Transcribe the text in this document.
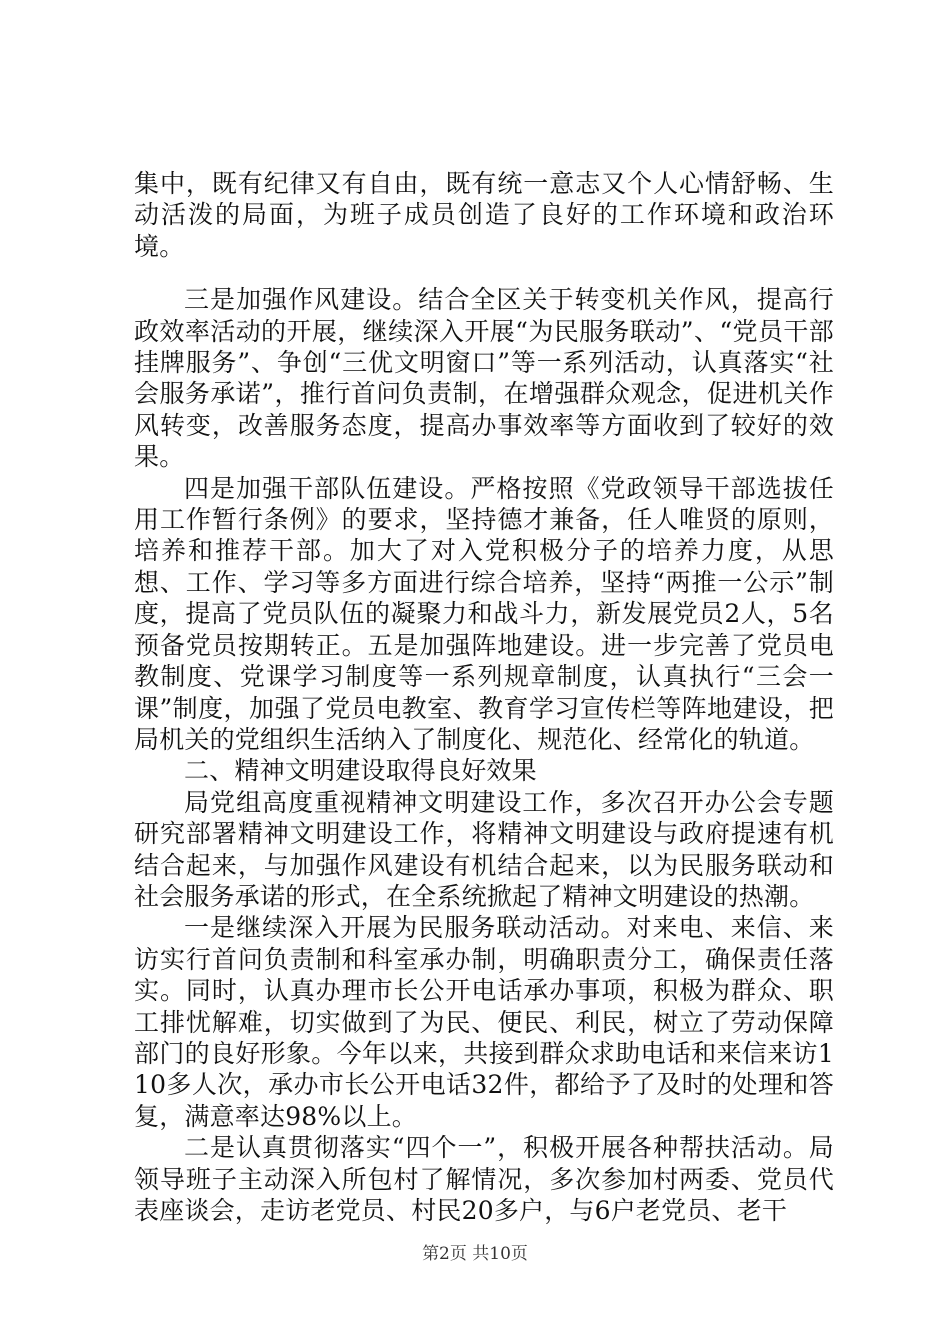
集中，既有纪律又有自由，既有统一意志又个人心情舒畅、生动活泼的局面，为班子成员创造了良好的工作环境和政治环境。

三是加强作风建设。结合全区关于转变机关作风，提高行政效率活动的开展，继续深入开展“为民服务联动”、“党员干部挂牌服务”、争创“三优文明窗口”等一系列活动，认真落实“社会服务承诺”，推行首问负责制，在增强群众观念，促进机关作风转变，改善服务态度，提高办事效率等方面收到了较好的效果。

四是加强干部队伍建设。严格按照《党政领导干部选拔任用工作暂行条例》的要求，坚持德才兼备，任人唯贤的原则，培养和推荐干部。加大了对入党积极分子的培养力度，从思想、工作、学习等多方面进行综合培养，坚持“两推一公示”制度，提高了党员队伍的凝聚力和战斗力，新发展党员2人，5名预备党员按期转正。五是加强阵地建设。进一步完善了党员电教制度、党课学习制度等一系列规章制度，认真执行“三会一课”制度，加强了党员电教室、教育学习宣传栏等阵地建设，把局机关的党组织生活纳入了制度化、规范化、经常化的轨道。

二、精神文明建设取得良好效果

局党组高度重视精神文明建设工作，多次召开办公会专题研究部署精神文明建设工作，将精神文明建设与政府提速有机结合起来，与加强作风建设有机结合起来，以为民服务联动和社会服务承诺的形式，在全系统掀起了精神文明建设的热潮。

一是继续深入开展为民服务联动活动。对来电、来信、来访实行首问负责制和科室承办制，明确职责分工，确保责任落实。同时，认真办理市长公开电话承办事项，积极为群众、职工排忧解难，切实做到了为民、便民、利民，树立了劳动保障部门的良好形象。今年以来，共接到群众求助电话和来信来访110多人次，承办市长公开电话32件，都给予了及时的处理和答复，满意率达98%以上。

二是认真贯彻落实“四个一”，积极开展各种帮扶活动。局领导班子主动深入所包村了解情况，多次参加村两委、党员代表座谈会，走访老党员、村民20多户，与6户老党员、老干

第2页 共10页
